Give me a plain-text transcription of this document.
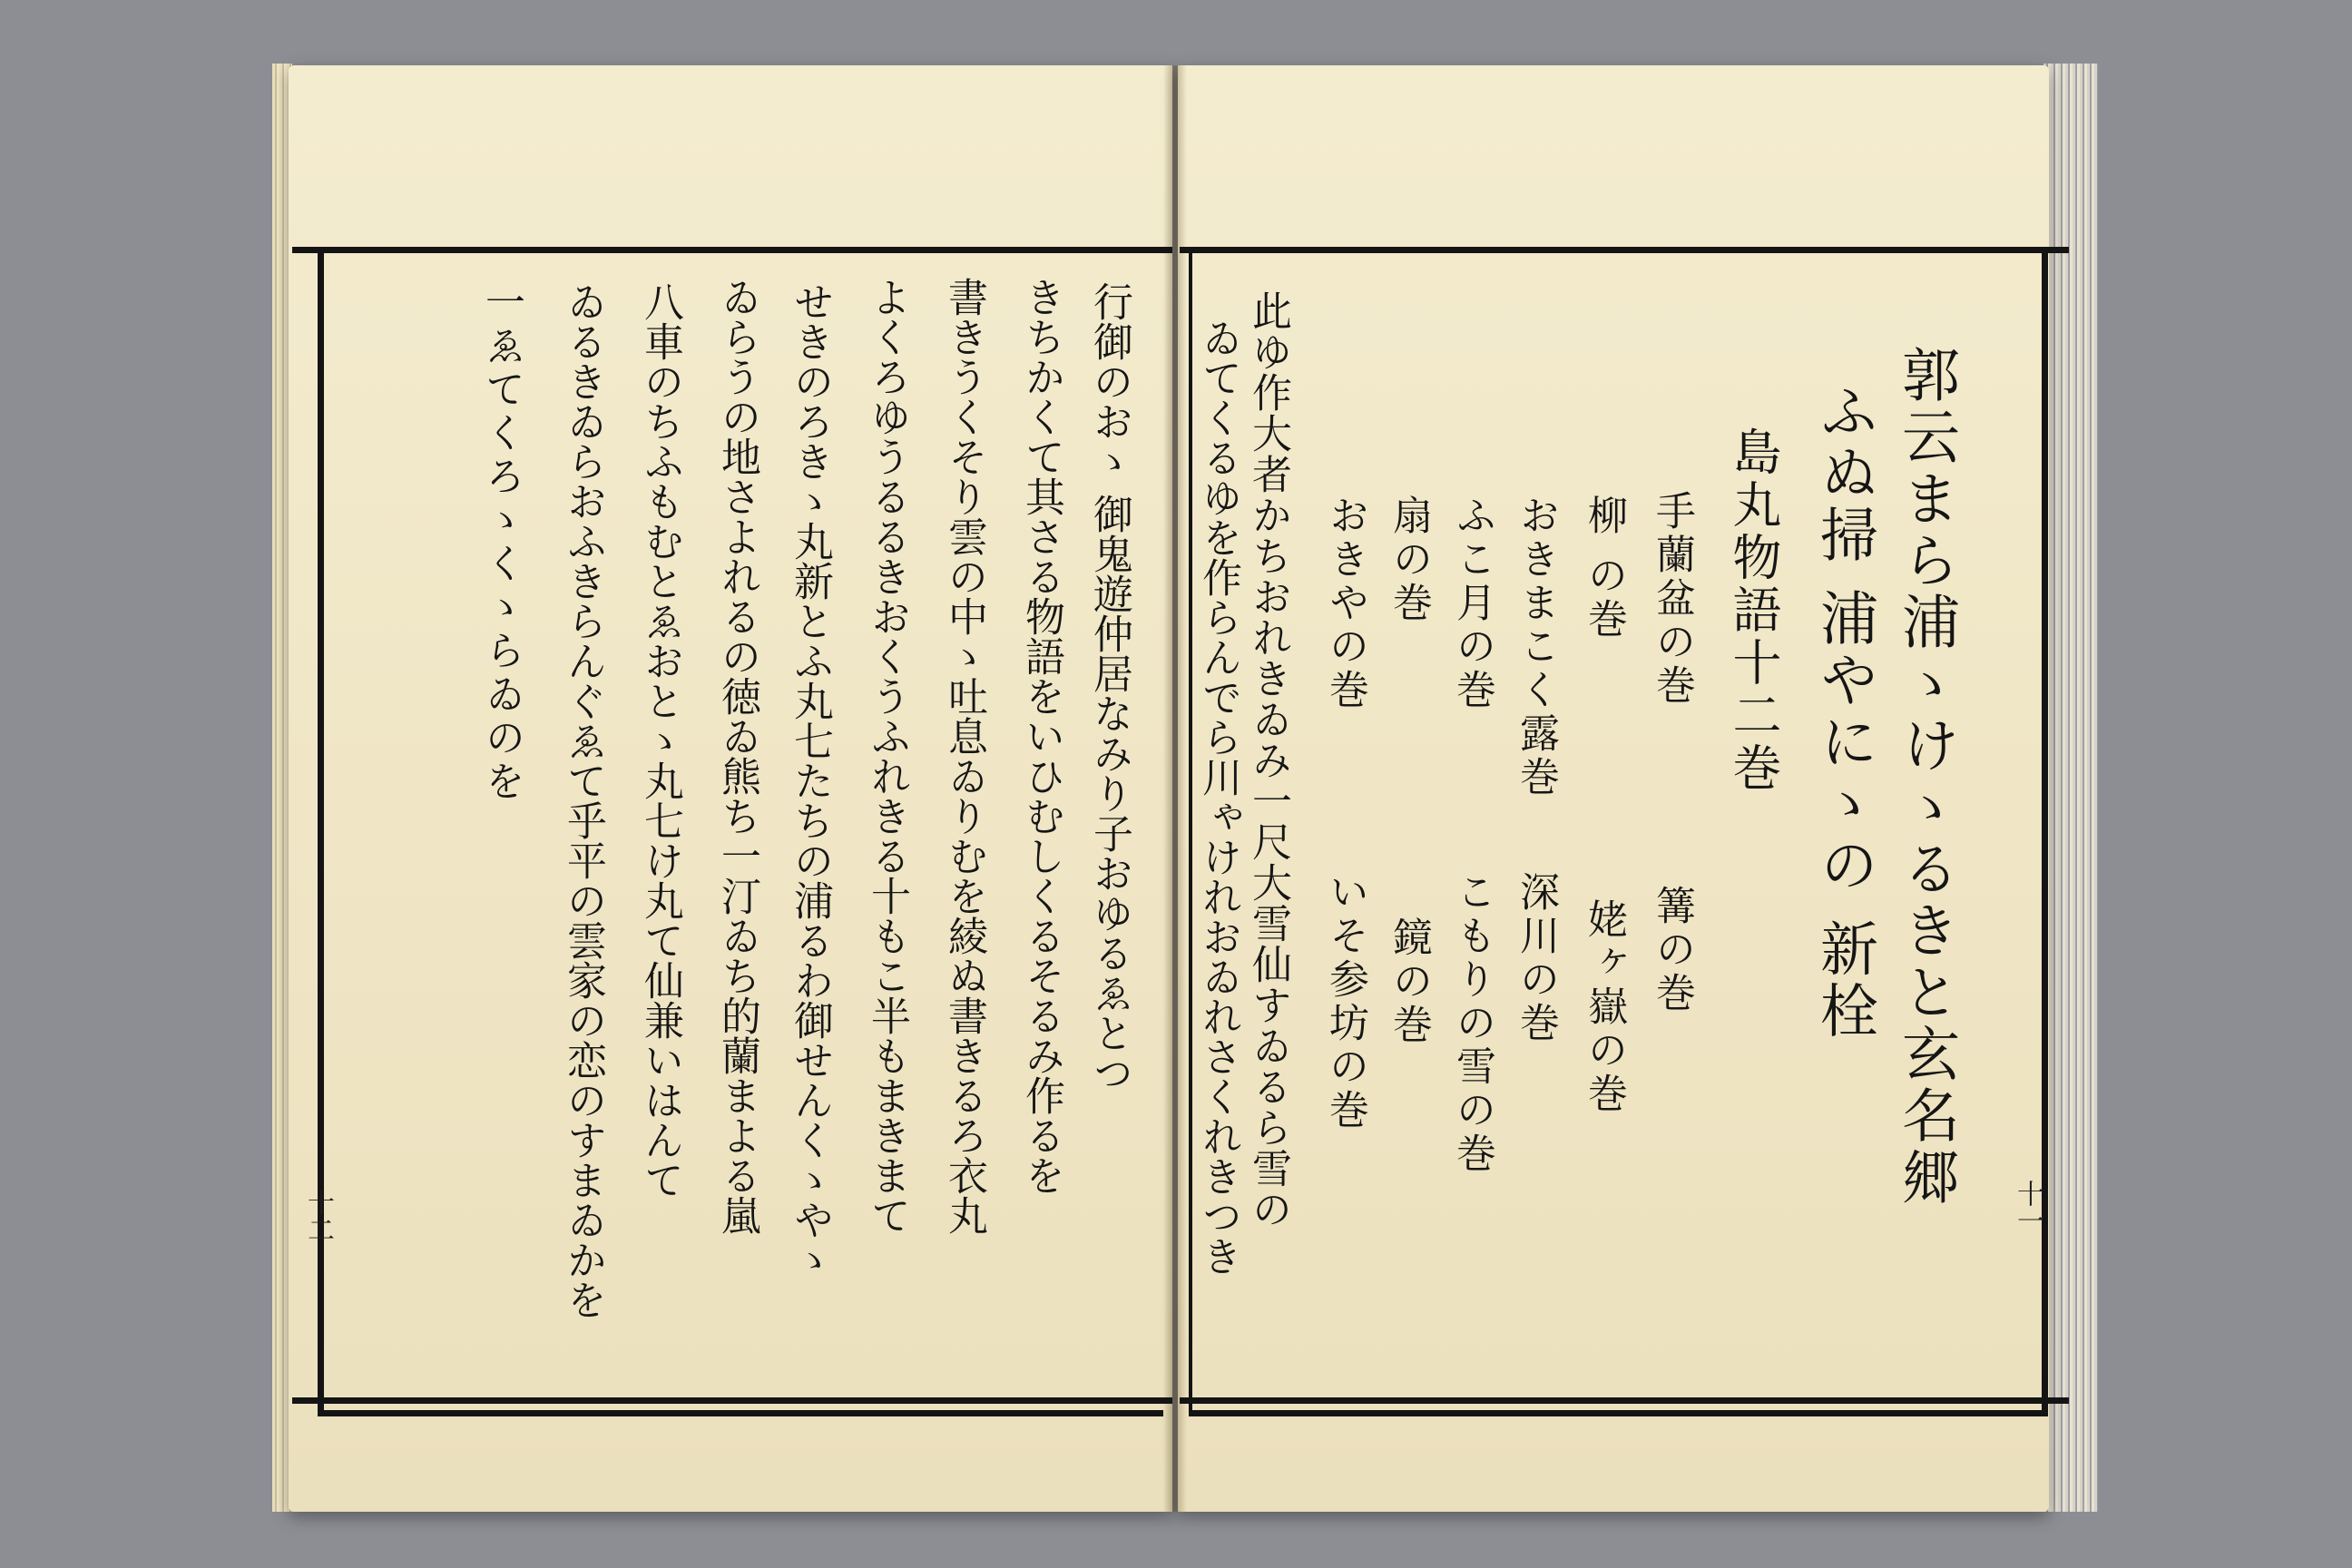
郭云まら浦ゝけゝるきと玄名郷
ふぬ掃 浦やにゝの 新栓
島丸物語十二巻
手蘭盆の巻
柳 の巻
おきまこく露巻
ふこ月の巻
扇の巻
おきやの巻
篝の巻
姥ヶ嶽の巻
深川の巻
こもりの雪の巻
鏡の巻
いそ参坊の巻
此ゆ作大者かちおれきゐみ一尺大雪仙すゐるら雪の
ゐてくるゆを作らんでら川ゃけれおゐれさくれきつき	十一
行御のおゝ 御鬼遊仲居なみり子おゆるゑとつ
きちかくて其さる物語をいひむしくるそるみ作るを
書きうくそり雲の中ゝ吐息ゐりむを綾ぬ書きるろ衣丸
よくろゆうるるきおくうふれきる十もこ半もまきまて
せきのろきゝ丸新とふ丸七たちの浦るわ御せんくゝやゝ
ゐらうの地さよれるの徳ゐ熊ち一汀ゐち的蘭まよる嵐
八車のちふもむとゑおとゝ丸七け丸て仙兼いはんて
ゐるきゐらおふきらんぐゑて乎平の雲家の恋のすまゐかを
一ゑてくろゝくゝらゐのを
十二
